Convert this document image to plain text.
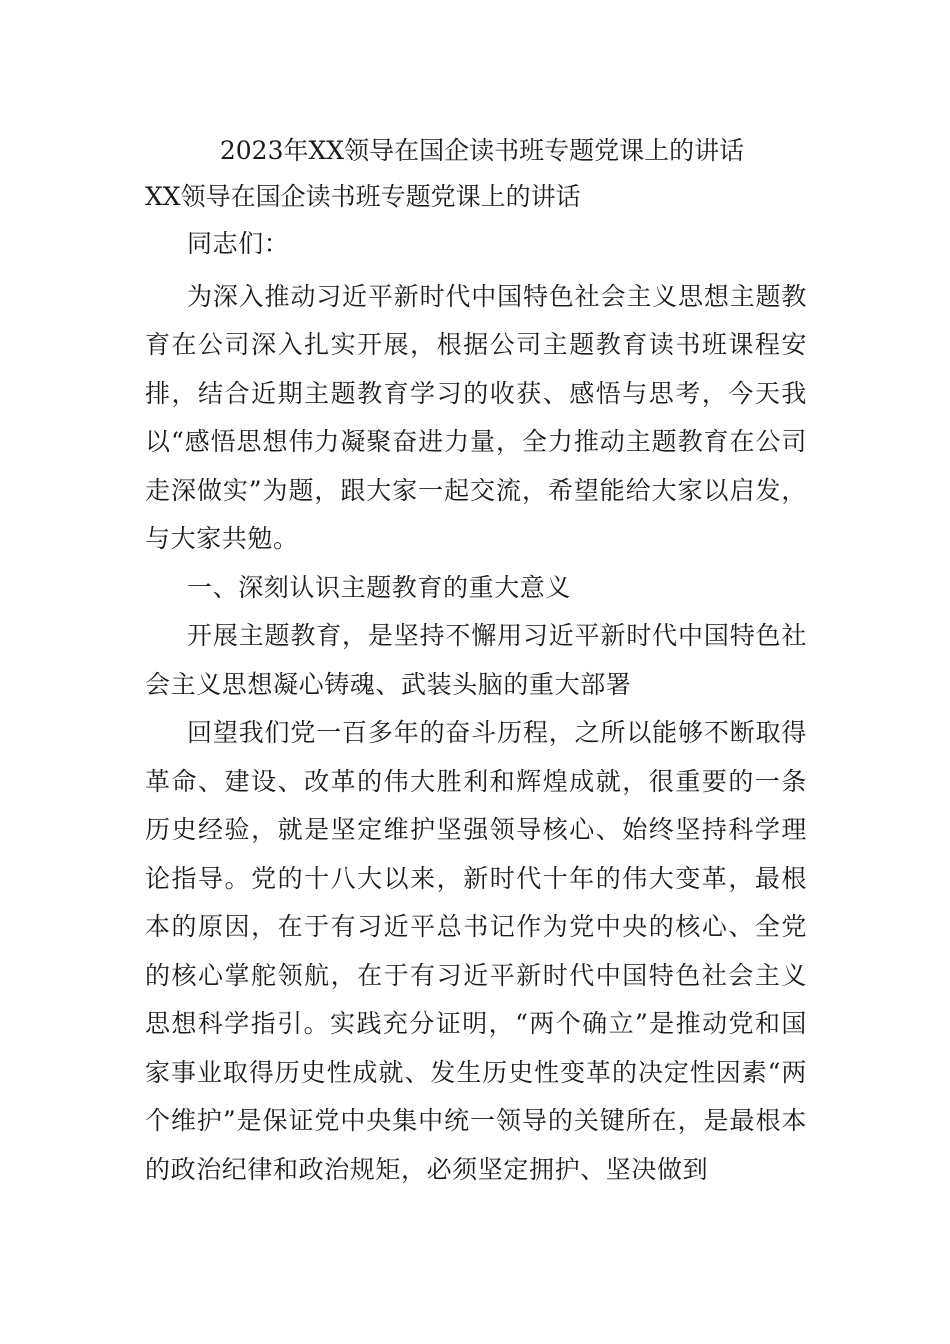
2023年XX领导在国企读书班专题党课上的讲话
XX领导在国企读书班专题党课上的讲话

同志们：

为深入推动习近平新时代中国特色社会主义思想主题教育在公司深入扎实开展，根据公司主题教育读书班课程安排，结合近期主题教育学习的收获、感悟与思考，今天我以“感悟思想伟力凝聚奋进力量，全力推动主题教育在公司走深做实”为题，跟大家一起交流，希望能给大家以启发，与大家共勉。

一、深刻认识主题教育的重大意义

开展主题教育，是坚持不懈用习近平新时代中国特色社会主义思想凝心铸魂、武装头脑的重大部署

回望我们党一百多年的奋斗历程，之所以能够不断取得革命、建设、改革的伟大胜利和辉煌成就，很重要的一条历史经验，就是坚定维护坚强领导核心、始终坚持科学理论指导。党的十八大以来，新时代十年的伟大变革，最根本的原因，在于有习近平总书记作为党中央的核心、全党的核心掌舵领航，在于有习近平新时代中国特色社会主义思想科学指引。实践充分证明，“两个确立”是推动党和国家事业取得历史性成就、发生历史性变革的决定性因素“两个维护”是保证党中央集中统一领导的关键所在，是最根本的政治纪律和政治规矩，必须坚定拥护、坚决做到
